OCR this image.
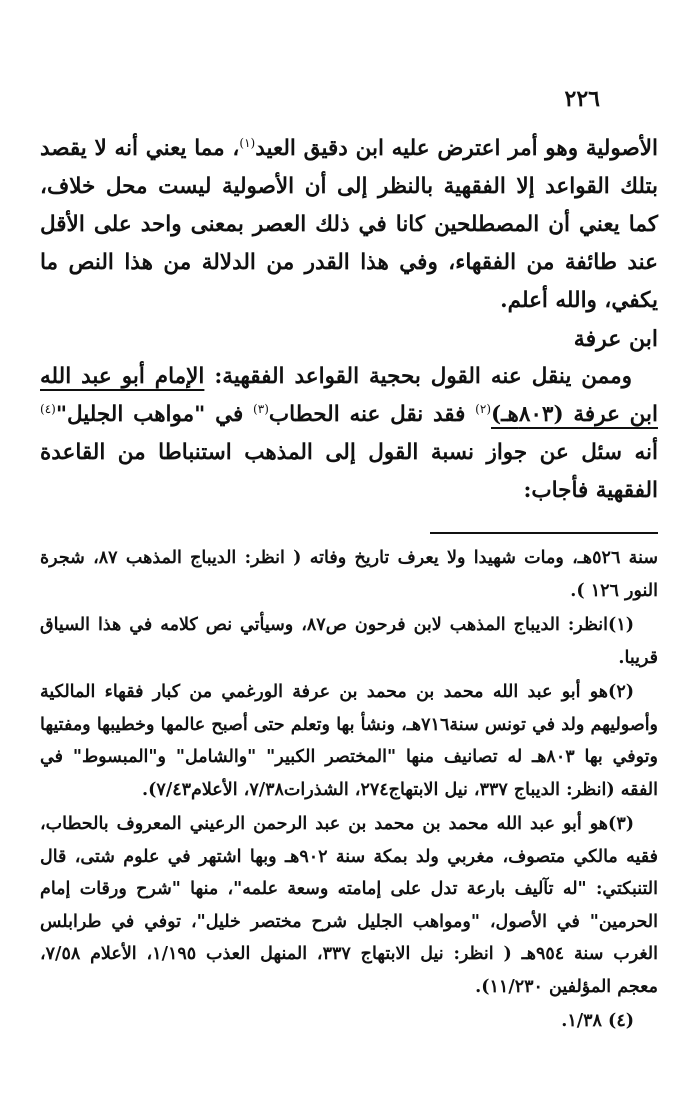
٢٢٦

الأصولية وهو أمر اعترض عليه ابن دقيق العيد$^{(١)}$، مما يعني أنه لا يقصد بتلك القواعد إلا الفقهية بالنظر إلى أن الأصولية ليست محل خلاف، كما يعني أن المصطلحين كانا في ذلك العصر بمعنى واحد على الأقل عند طائفة من الفقهاء، وفي هذا القدر من الدلالة من هذا النص ما يكفي، والله أعلم.

ابن عرفة

وممن ينقل عنه القول بحجية القواعد الفقهية: الإمام أبو عبد الله ابن عرفة (٨٠٣هـ)$^{(٢)}$ فقد نقل عنه الحطاب$^{(٣)}$ في "مواهب الجليل"$^{(٤)}$ أنه سئل عن جواز نسبة القول إلى المذهب استنباطا من القاعدة الفقهية فأجاب:

سنة ٥٢٦هـ، ومات شهيدا ولا يعرف تاريخ وفاته ( انظر: الديباج المذهب ٨٧، شجرة النور ١٢٦ ).

(١)انظر: الديباج المذهب لابن فرحون ص٨٧، وسيأتي نص كلامه في هذا السياق قريبا.

(٢)هو أبو عبد الله محمد بن محمد بن عرفة الورغمي من كبار فقهاء المالكية وأصوليهم ولد في تونس سنة٧١٦هـ، ونشأ بها وتعلم حتى أصبح عالمها وخطيبها ومفتيها وتوفي بها ٨٠٣هـ له تصانيف منها "المختصر الكبير" "والشامل" و"المبسوط" في الفقه (انظر: الديباج ٣٣٧، نيل الابتهاج٢٧٤، الشذرات٧/٣٨، الأعلام٧/٤٣).

(٣)هو أبو عبد الله محمد بن محمد بن عبد الرحمن الرعيني المعروف بالحطاب، فقيه مالكي متصوف، مغربي ولد بمكة سنة ٩٠٢هـ وبها اشتهر في علوم شتى، قال التنبكتي: "له تآليف بارعة تدل على إمامته وسعة علمه"، منها "شرح ورقات إمام الحرمين" في الأصول، "ومواهب الجليل شرح مختصر خليل"، توفي في طرابلس الغرب سنة ٩٥٤هـ ( انظر: نيل الابتهاج ٣٣٧، المنهل العذب ١/١٩٥، الأعلام ٧/٥٨، معجم المؤلفين ١١/٢٣٠).

(٤) ١/٣٨.
